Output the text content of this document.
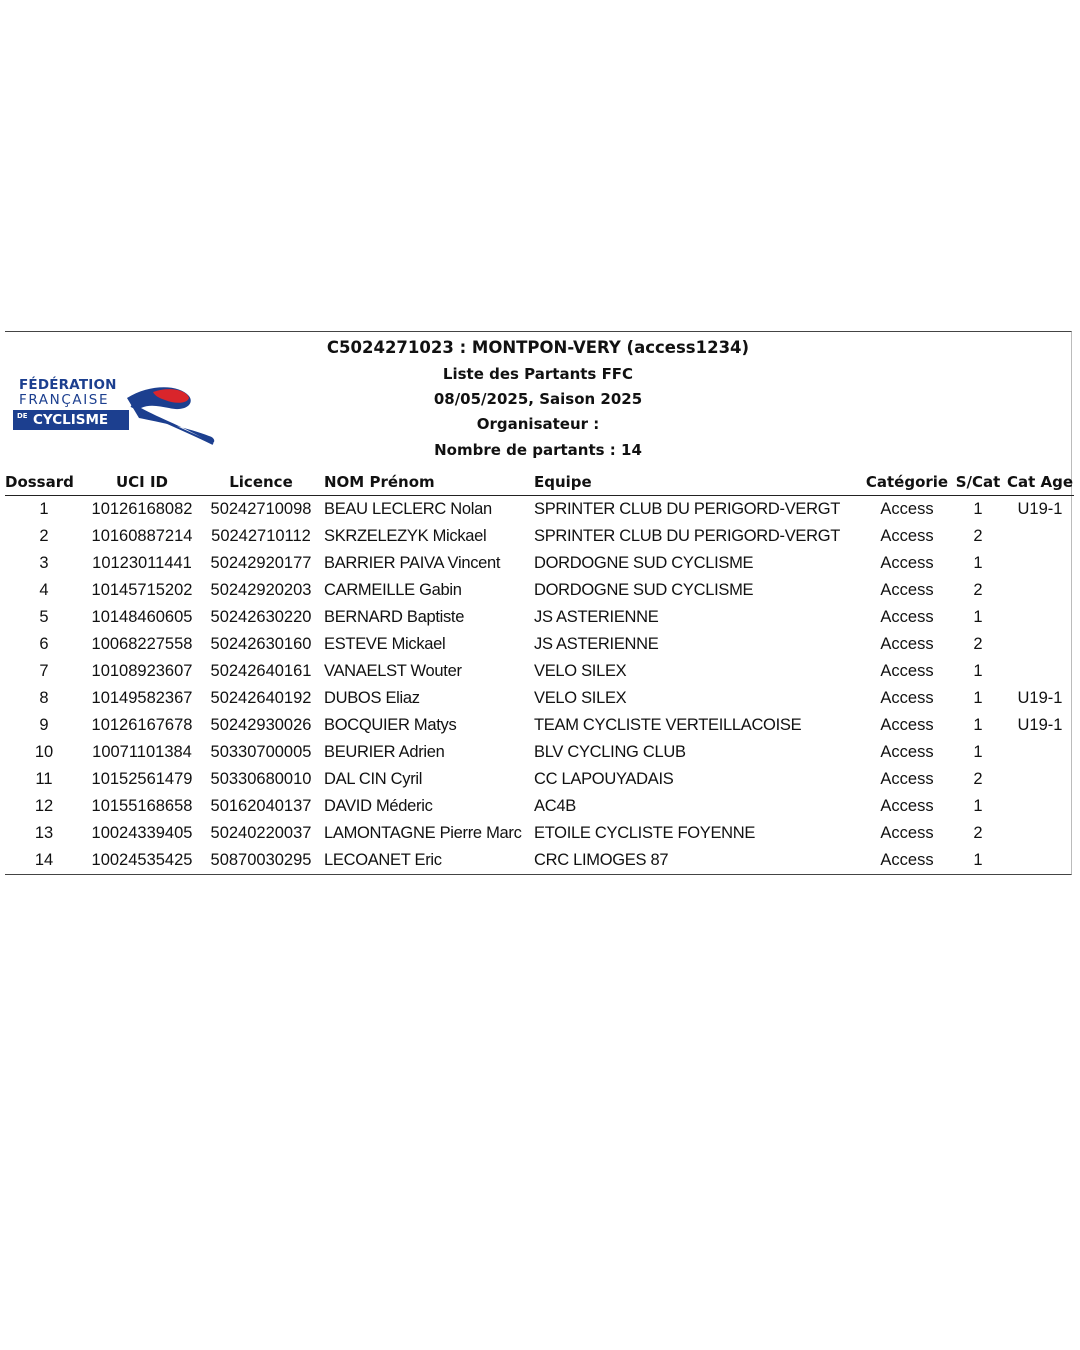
C5024271023 : MONTPON-VERY (access1234)
Liste des Partants FFC
08/05/2025, Saison 2025
Organisateur :
Nombre de partants : 14
FÉDÉRATION
FRANÇAISE
DE CYCLISME
Dossard	UCI ID	Licence	NOM Prénom	Equipe	Catégorie	S/Cat	Cat Age
1	10126168082	50242710098	BEAU LECLERC Nolan	SPRINTER CLUB DU PERIGORD-VERGT	Access	1	U19-1
2	10160887214	50242710112	SKRZELEZYK Mickael	SPRINTER CLUB DU PERIGORD-VERGT	Access	2	
3	10123011441	50242920177	BARRIER PAIVA Vincent	DORDOGNE SUD CYCLISME	Access	1	
4	10145715202	50242920203	CARMEILLE Gabin	DORDOGNE SUD CYCLISME	Access	2	
5	10148460605	50242630220	BERNARD Baptiste	JS ASTERIENNE	Access	1	
6	10068227558	50242630160	ESTEVE Mickael	JS ASTERIENNE	Access	2	
7	10108923607	50242640161	VANAELST Wouter	VELO SILEX	Access	1	
8	10149582367	50242640192	DUBOS Eliaz	VELO SILEX	Access	1	U19-1
9	10126167678	50242930026	BOCQUIER Matys	TEAM CYCLISTE VERTEILLACOISE	Access	1	U19-1
10	10071101384	50330700005	BEURIER Adrien	BLV CYCLING CLUB	Access	1	
11	10152561479	50330680010	DAL CIN Cyril	CC LAPOUYADAIS	Access	2	
12	10155168658	50162040137	DAVID Méderic	AC4B	Access	1	
13	10024339405	50240220037	LAMONTAGNE Pierre Marc	ETOILE CYCLISTE FOYENNE	Access	2	
14	10024535425	50870030295	LECOANET Eric	CRC LIMOGES 87	Access	1	
